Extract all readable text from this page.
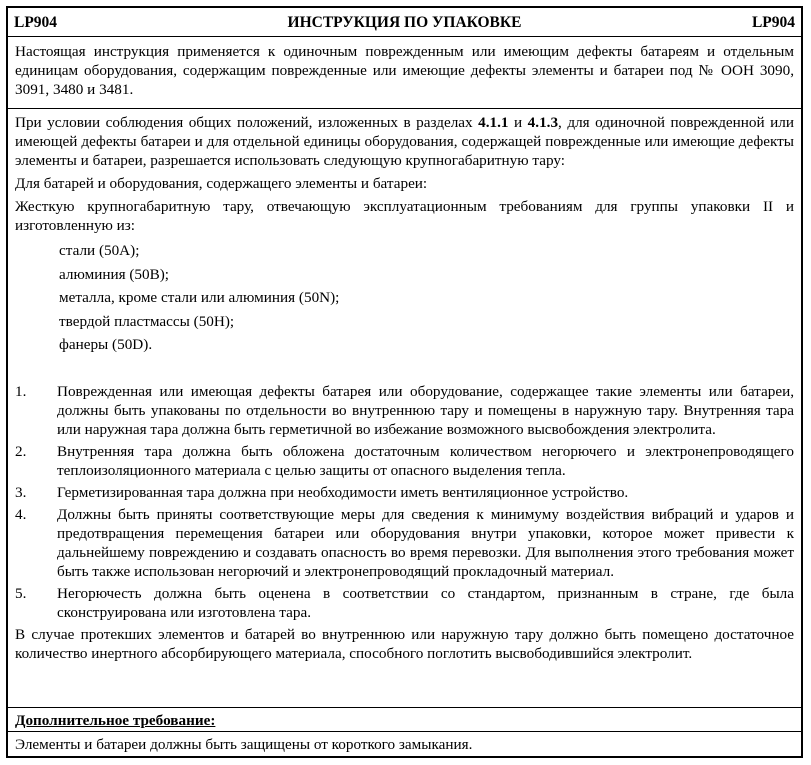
LP904	ИНСТРУКЦИЯ ПО УПАКОВКЕ	LP904

Настоящая инструкция применяется к одиночным поврежденным или имеющим дефекты батареям и отдельным единицам оборудования, содержащим поврежденные или имеющие дефекты элементы и батареи под № ООН 3090, 3091, 3480 и 3481.

При условии соблюдения общих положений, изложенных в разделах 4.1.1 и 4.1.3, для одиночной поврежденной или имеющей дефекты батареи и для отдельной единицы оборудования, содержащей поврежденные или имеющие дефекты элементы и батареи, разрешается использовать следующую крупногабаритную тару:

Для батарей и оборудования, содержащего элементы и батареи:

Жесткую крупногабаритную тару, отвечающую эксплуатационным требованиям для группы упаковки II и изготовленную из:

стали (50A);
алюминия (50B);
металла, кроме стали или алюминия (50N);
твердой пластмассы (50H);
фанеры (50D).
1.	Поврежденная или имеющая дефекты батарея или оборудование, содержащее такие элементы или батареи, должны быть упакованы по отдельности во внутреннюю тару и помещены в наружную тару. Внутренняя тара или наружная тара должна быть герметичной во избежание возможного высвобождения электролита.
2.	Внутренняя тара должна быть обложена достаточным количеством негорючего и электронепроводящего теплоизоляционного материала с целью защиты от опасного выделения тепла.
3.	Герметизированная тара должна при необходимости иметь вентиляционное устройство.
4.	Должны быть приняты соответствующие меры для сведения к минимуму воздействия вибраций и ударов и предотвращения перемещения батареи или оборудования внутри упаковки, которое может привести к дальнейшему повреждению и создавать опасность во время перевозки. Для выполнения этого требования может быть также использован негорючий и электронепроводящий прокладочный материал.
5.	Негорючесть должна быть оценена в соответствии со стандартом, признанным в стране, где была сконструирована или изготовлена тара.

В случае протекших элементов и батарей во внутреннюю или наружную тару должно быть помещено достаточное количество инертного абсорбирующего материала, способного поглотить высвободившийся электролит.

Дополнительное требование:

Элементы и батареи должны быть защищены от короткого замыкания.
